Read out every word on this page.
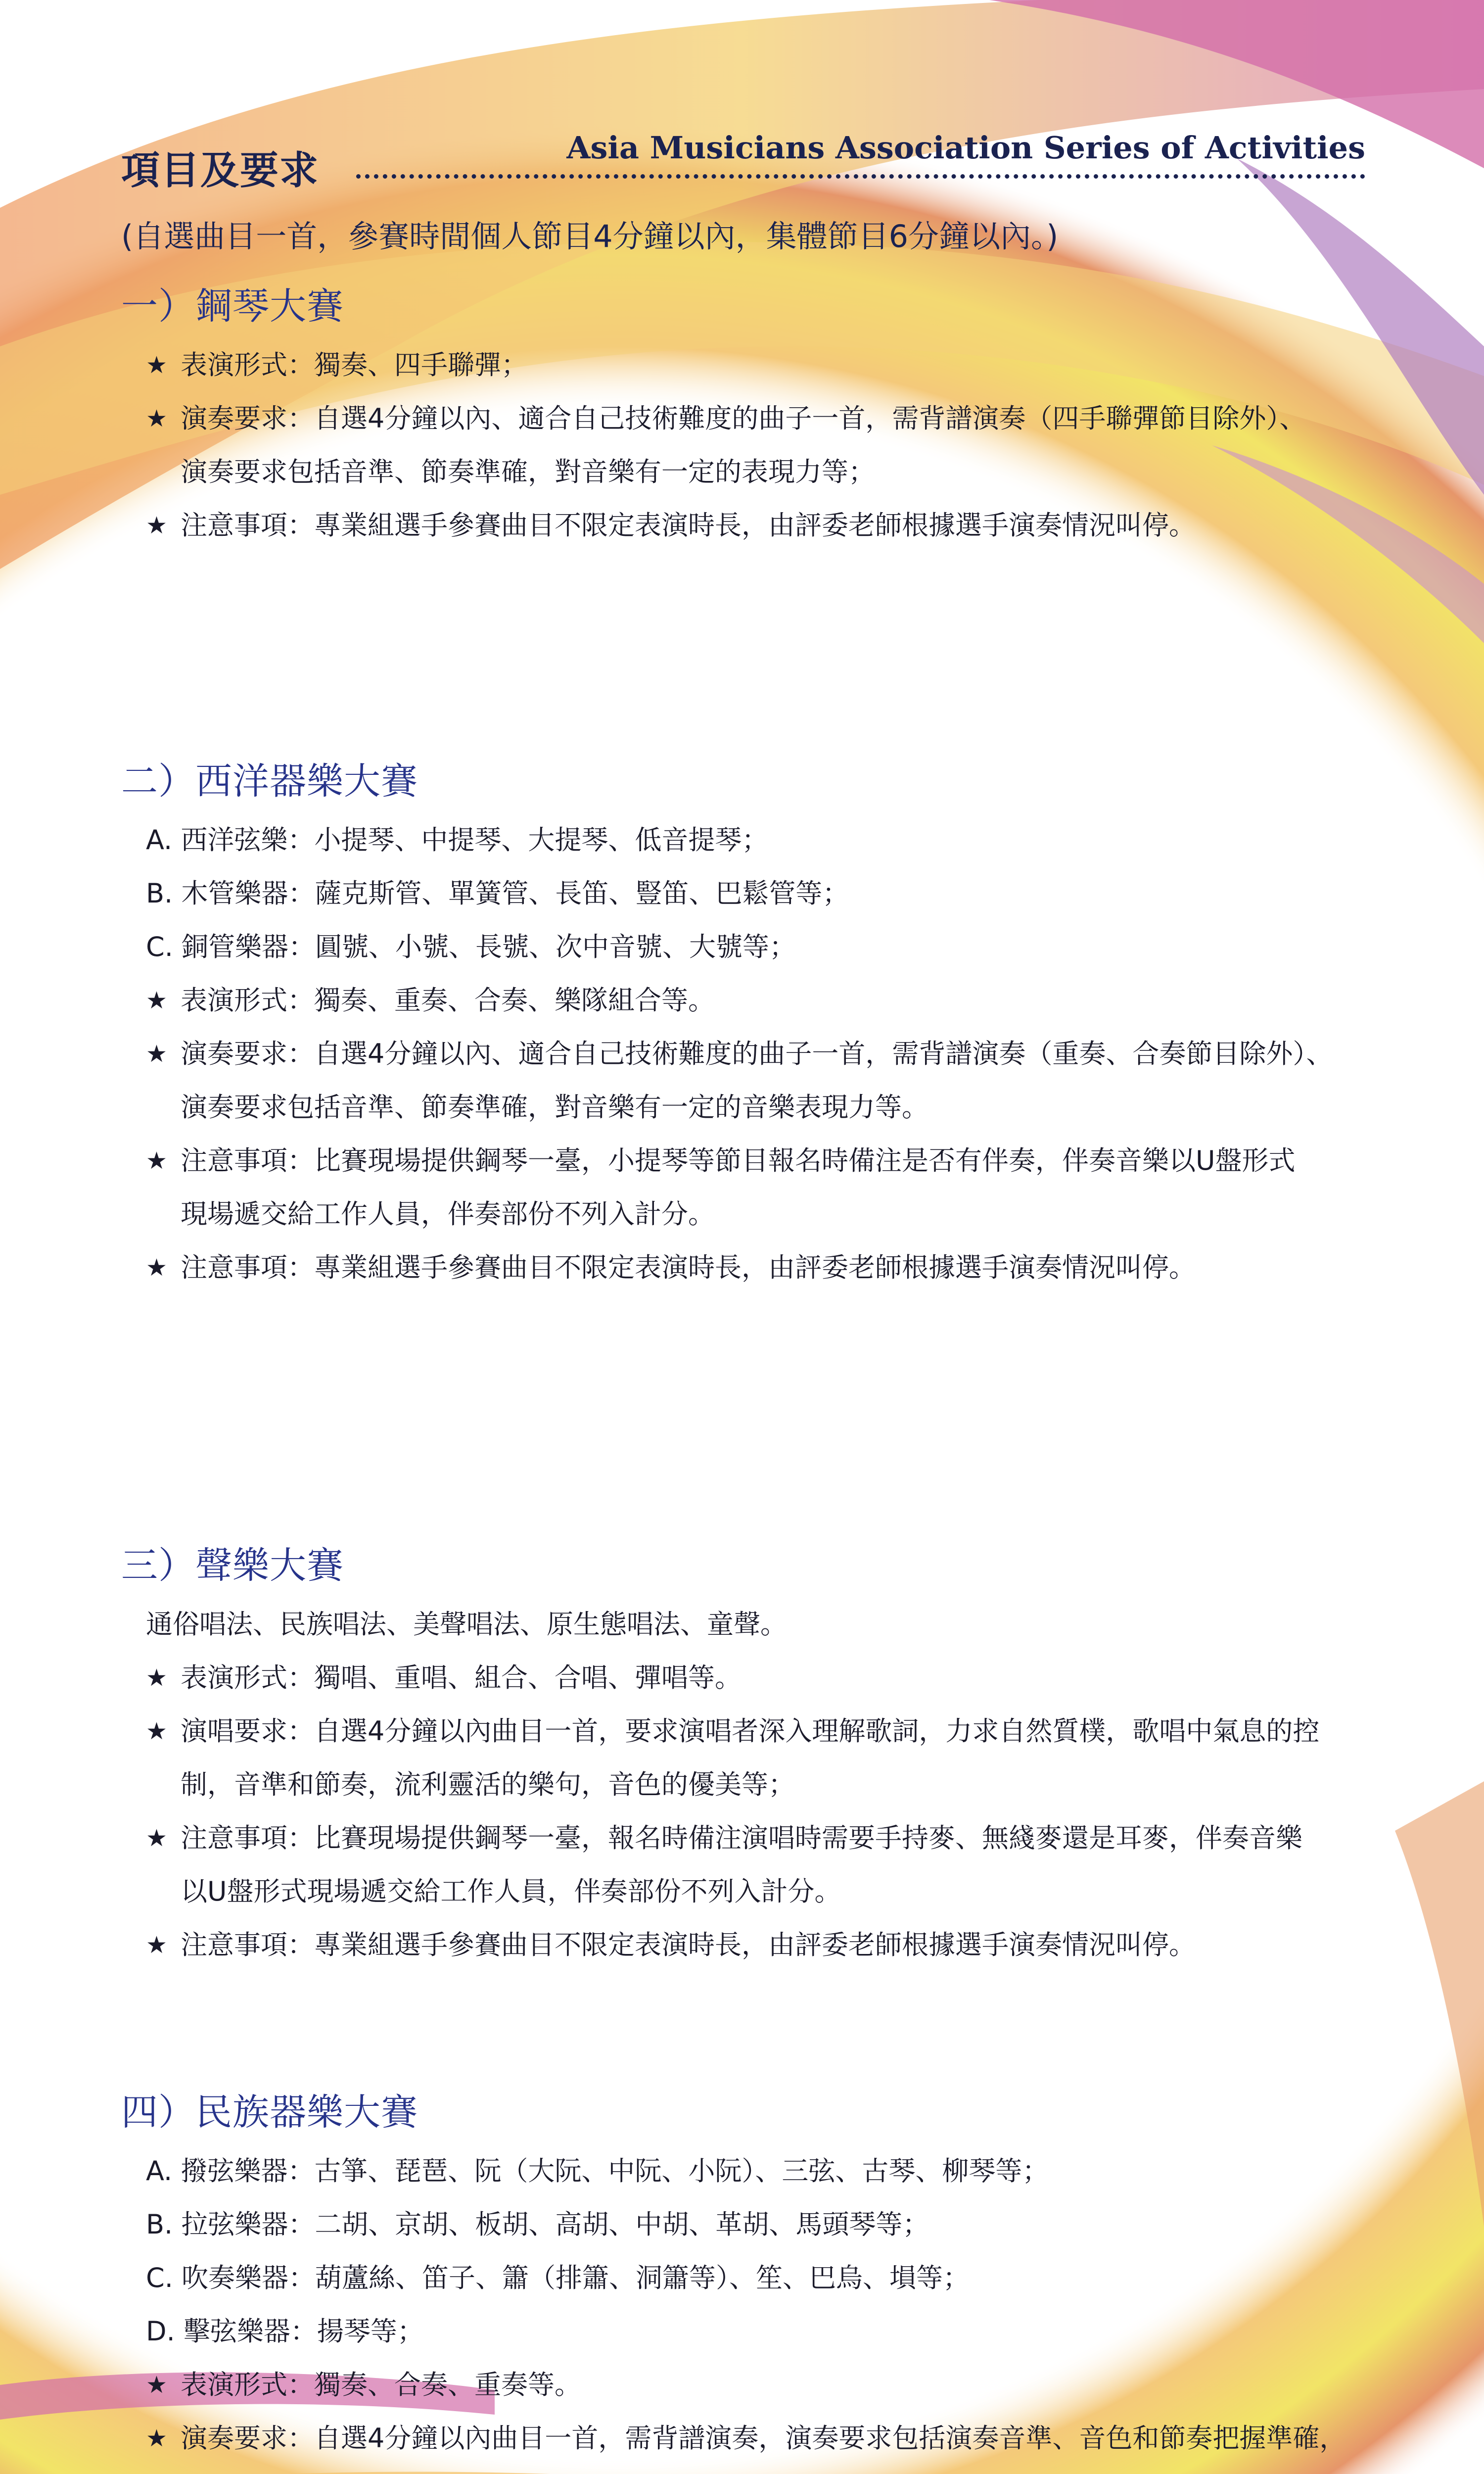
項目及要求
Asia Musicians Association Series of Activities
(自選曲目一首，參賽時間個人節目4分鐘以內，集體節目6分鐘以內。)
一）鋼琴大賽
★ 表演形式：獨奏、四手聯彈；
★ 演奏要求：自選4分鐘以內、適合自己技術難度的曲子一首，需背譜演奏（四手聯彈節目除外）、
演奏要求包括音準、節奏準確，對音樂有一定的表現力等；
★ 注意事項：專業組選手參賽曲目不限定表演時長，由評委老師根據選手演奏情況叫停。
二）西洋器樂大賽
A. 西洋弦樂：小提琴、中提琴、大提琴、低音提琴；
B. 木管樂器：薩克斯管、單簧管、長笛、豎笛、巴鬆管等；
C. 銅管樂器：圓號、小號、長號、次中音號、大號等；
★ 表演形式：獨奏、重奏、合奏、樂隊組合等。
★ 演奏要求：自選4分鐘以內、適合自己技術難度的曲子一首，需背譜演奏（重奏、合奏節目除外）、
演奏要求包括音準、節奏準確，對音樂有一定的音樂表現力等。
★ 注意事項：比賽現場提供鋼琴一臺，小提琴等節目報名時備注是否有伴奏，伴奏音樂以U盤形式
現場遞交給工作人員，伴奏部份不列入計分。
★ 注意事項：專業組選手參賽曲目不限定表演時長，由評委老師根據選手演奏情況叫停。
三）聲樂大賽
通俗唱法、民族唱法、美聲唱法、原生態唱法、童聲。
★ 表演形式：獨唱、重唱、組合、合唱、彈唱等。
★ 演唱要求：自選4分鐘以內曲目一首，要求演唱者深入理解歌詞，力求自然質樸，歌唱中氣息的控
制，音準和節奏，流利靈活的樂句，音色的優美等；
★ 注意事項：比賽現場提供鋼琴一臺，報名時備注演唱時需要手持麥、無綫麥還是耳麥，伴奏音樂
以U盤形式現場遞交給工作人員，伴奏部份不列入計分。
★ 注意事項：專業組選手參賽曲目不限定表演時長，由評委老師根據選手演奏情況叫停。
四）民族器樂大賽
A. 撥弦樂器：古箏、琵琶、阮（大阮、中阮、小阮）、三弦、古琴、柳琴等；
B. 拉弦樂器：二胡、京胡、板胡、高胡、中胡、革胡、馬頭琴等；
C. 吹奏樂器：葫蘆絲、笛子、簫（排簫、洞簫等）、笙、巴烏、塤等；
D. 擊弦樂器：揚琴等；
★ 表演形式：獨奏、合奏、重奏等。
★ 演奏要求：自選4分鐘以內曲目一首，需背譜演奏，演奏要求包括演奏音準、音色和節奏把握準確，
